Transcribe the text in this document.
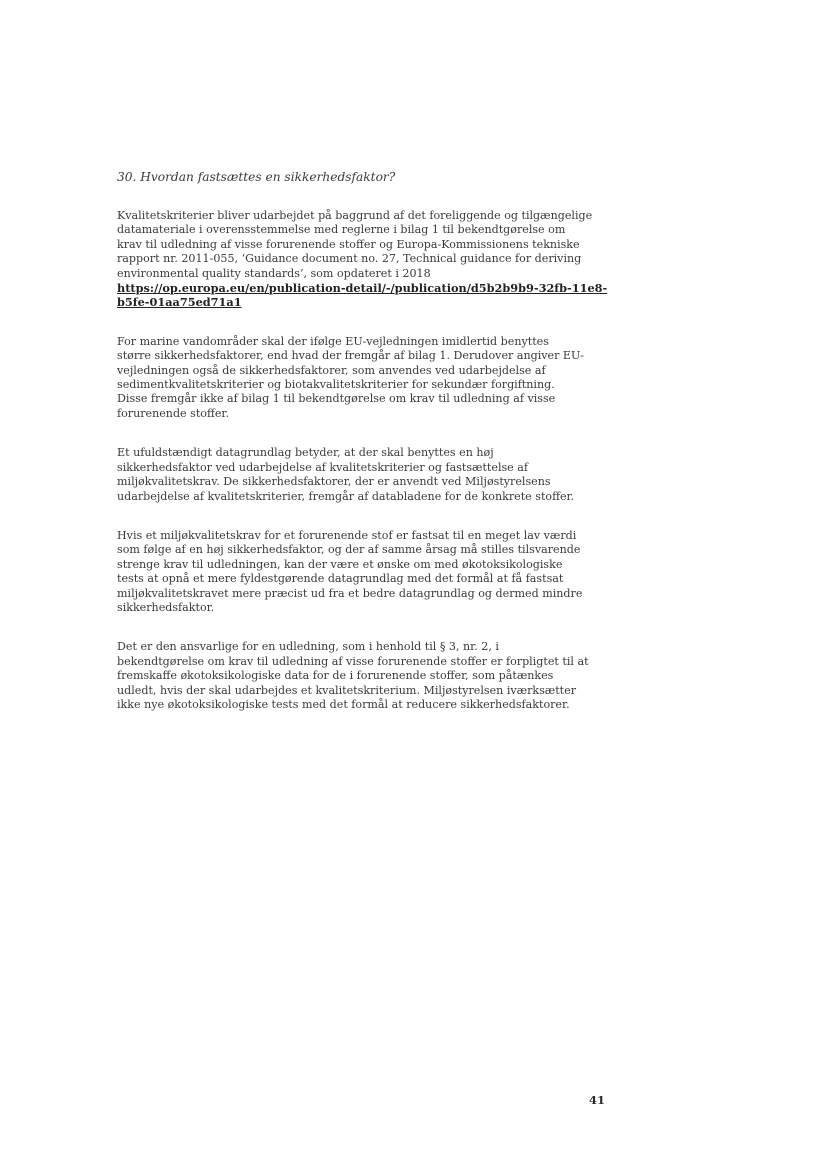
30. Hvordan fastsættes en sikkerhedsfaktor?
Kvalitetskriterier bliver udarbejdet på baggrund af det foreliggende og tilgængelige
datamateriale i overensstemmelse med reglerne i bilag 1 til bekendtgørelse om
krav til udledning af visse forurenende stoffer og Europa-Kommissionens tekniske
rapport nr. 2011-055, ‘Guidance document no. 27, Technical guidance for deriving
environmental quality standards’, som opdateret i 2018
https://op.europa.eu/en/publication-detail/-/publication/d5b2b9b9-32fb-11e8-
b5fe-01aa75ed71a1
For marine vandområder skal der ifølge EU-vejledningen imidlertid benyttes
større sikkerhedsfaktorer, end hvad der fremgår af bilag 1. Derudover angiver EU-
vejledningen også de sikkerhedsfaktorer, som anvendes ved udarbejdelse af
sedimentkvalitetskriterier og biotakvalitetskriterier for sekundær forgiftning.
Disse fremgår ikke af bilag 1 til bekendtgørelse om krav til udledning af visse
forurenende stoffer.
Et ufuldstændigt datagrundlag betyder, at der skal benyttes en høj
sikkerhedsfaktor ved udarbejdelse af kvalitetskriterier og fastsættelse af
miljøkvalitetskrav. De sikkerhedsfaktorer, der er anvendt ved Miljøstyrelsens
udarbejdelse af kvalitetskriterier, fremgår af databladene for de konkrete stoffer.
Hvis et miljøkvalitetskrav for et forurenende stof er fastsat til en meget lav værdi
som følge af en høj sikkerhedsfaktor, og der af samme årsag må stilles tilsvarende
strenge krav til udledningen, kan der være et ønske om med økotoksikologiske
tests at opnå et mere fyldestgørende datagrundlag med det formål at få fastsat
miljøkvalitetskravet mere præcist ud fra et bedre datagrundlag og dermed mindre
sikkerhedsfaktor.
Det er den ansvarlige for en udledning, som i henhold til § 3, nr. 2, i
bekendtgørelse om krav til udledning af visse forurenende stoffer er forpligtet til at
fremskaffe økotoksikologiske data for de i forurenende stoffer, som påtænkes
udledt, hvis der skal udarbejdes et kvalitetskriterium. Miljøstyrelsen iværksætter
ikke nye økotoksikologiske tests med det formål at reducere sikkerhedsfaktorer.
41
